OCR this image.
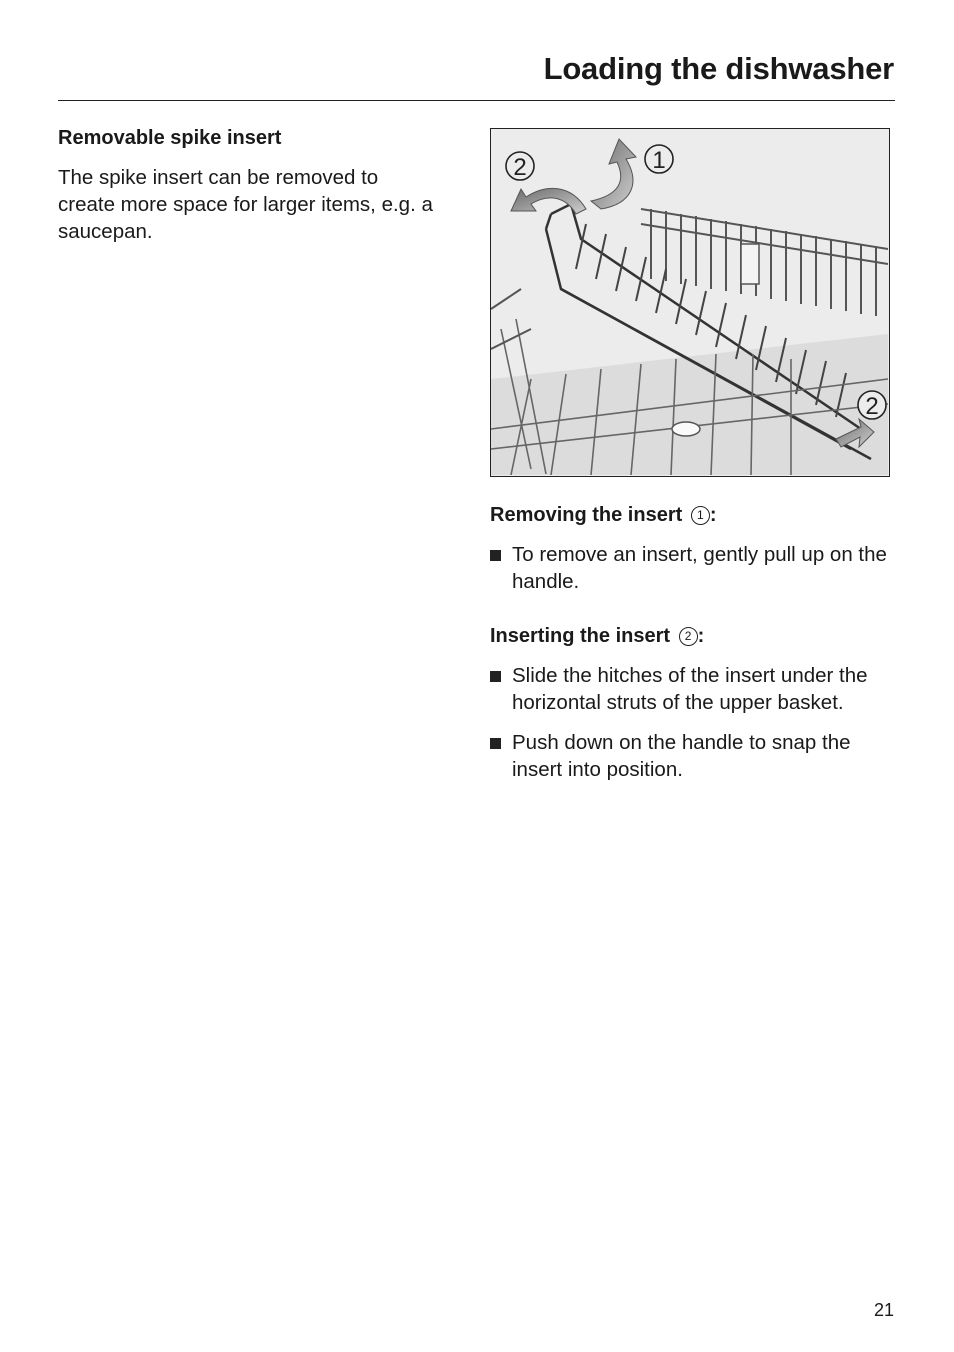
Loading the dishwasher
Removable spike insert

The spike insert can be removed to create more space for larger items, e.g. a saucepan.

1
2
2
Removing the insert 1 :
To remove an insert, gently pull up on the handle.
Inserting the insert 2 :
Slide the hitches of the insert under the horizontal struts of the upper basket.
Push down on the handle to snap the insert into position.

21
